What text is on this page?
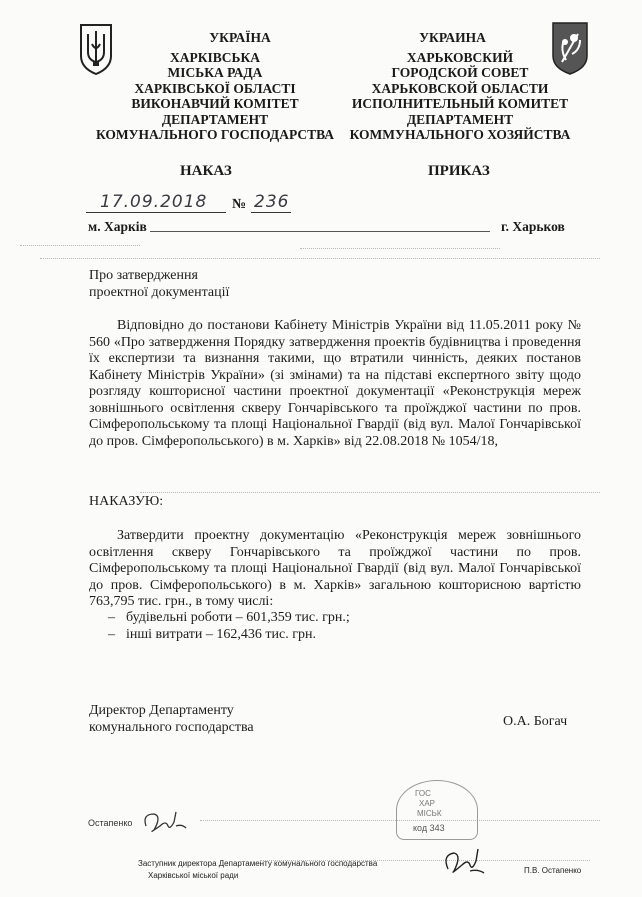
УКРАЇНА
ХАРКІВСЬКА
МІСЬКА РАДА
ХАРКІВСЬКОЇ ОБЛАСТІ
ВИКОНАВЧИЙ КОМІТЕТ
ДЕПАРТАМЕНТ
КОМУНАЛЬНОГО ГОСПОДАРСТВА
УКРАИНА
ХАРЬКОВСКИЙ
ГОРОДСКОЙ СОВЕТ
ХАРЬКОВСКОЙ ОБЛАСТИ
ИСПОЛНИТЕЛЬНЫЙ КОМИТЕТ
ДЕПАРТАМЕНТ
КОММУНАЛЬНОГО ХОЗЯЙСТВА
НАКАЗ	ПРИКАЗ
17.09.2018 № 236
м. Харків	г. Харьков
Про затвердження
проектної документації
Відповідно до постанови Кабінету Міністрів України від 11.05.2011 року № 560 «Про затвердження Порядку затвердження проектів будівництва і проведення їх експертизи та визнання такими, що втратили чинність, деяких постанов Кабінету Міністрів України» (зі змінами) та на підставі експертного звіту щодо розгляду кошторисної частини проектної документації «Реконструкція мереж зовнішнього освітлення скверу Гончарівського та проїжджої частини по пров. Сімферопольському та площі Національної Гвардії (від вул. Малої Гончарівської до пров. Сімферопольського) в м. Харків» від 22.08.2018 № 1054/18,
НАКАЗУЮ:
Затвердити проектну документацію «Реконструкція мереж зовнішнього освітлення скверу Гончарівського та проїжджої частини по пров. Сімферопольському та площі Національної Гвардії (від вул. Малої Гончарівської до пров. Сімферопольського) в м. Харків» загальною кошторисною вартістю 763,795 тис. грн., в тому числі:
– будівельні роботи – 601,359 тис. грн.;
– інші витрати – 162,436 тис. грн.
Директор Департаменту
комунального господарства	О.А. Богач
ГОС
ХАР
МІСЬК
код 343
Остапенко
Заступник директора Департаменту комунального господарства
Харківської міської ради
П.В. Остапенко
